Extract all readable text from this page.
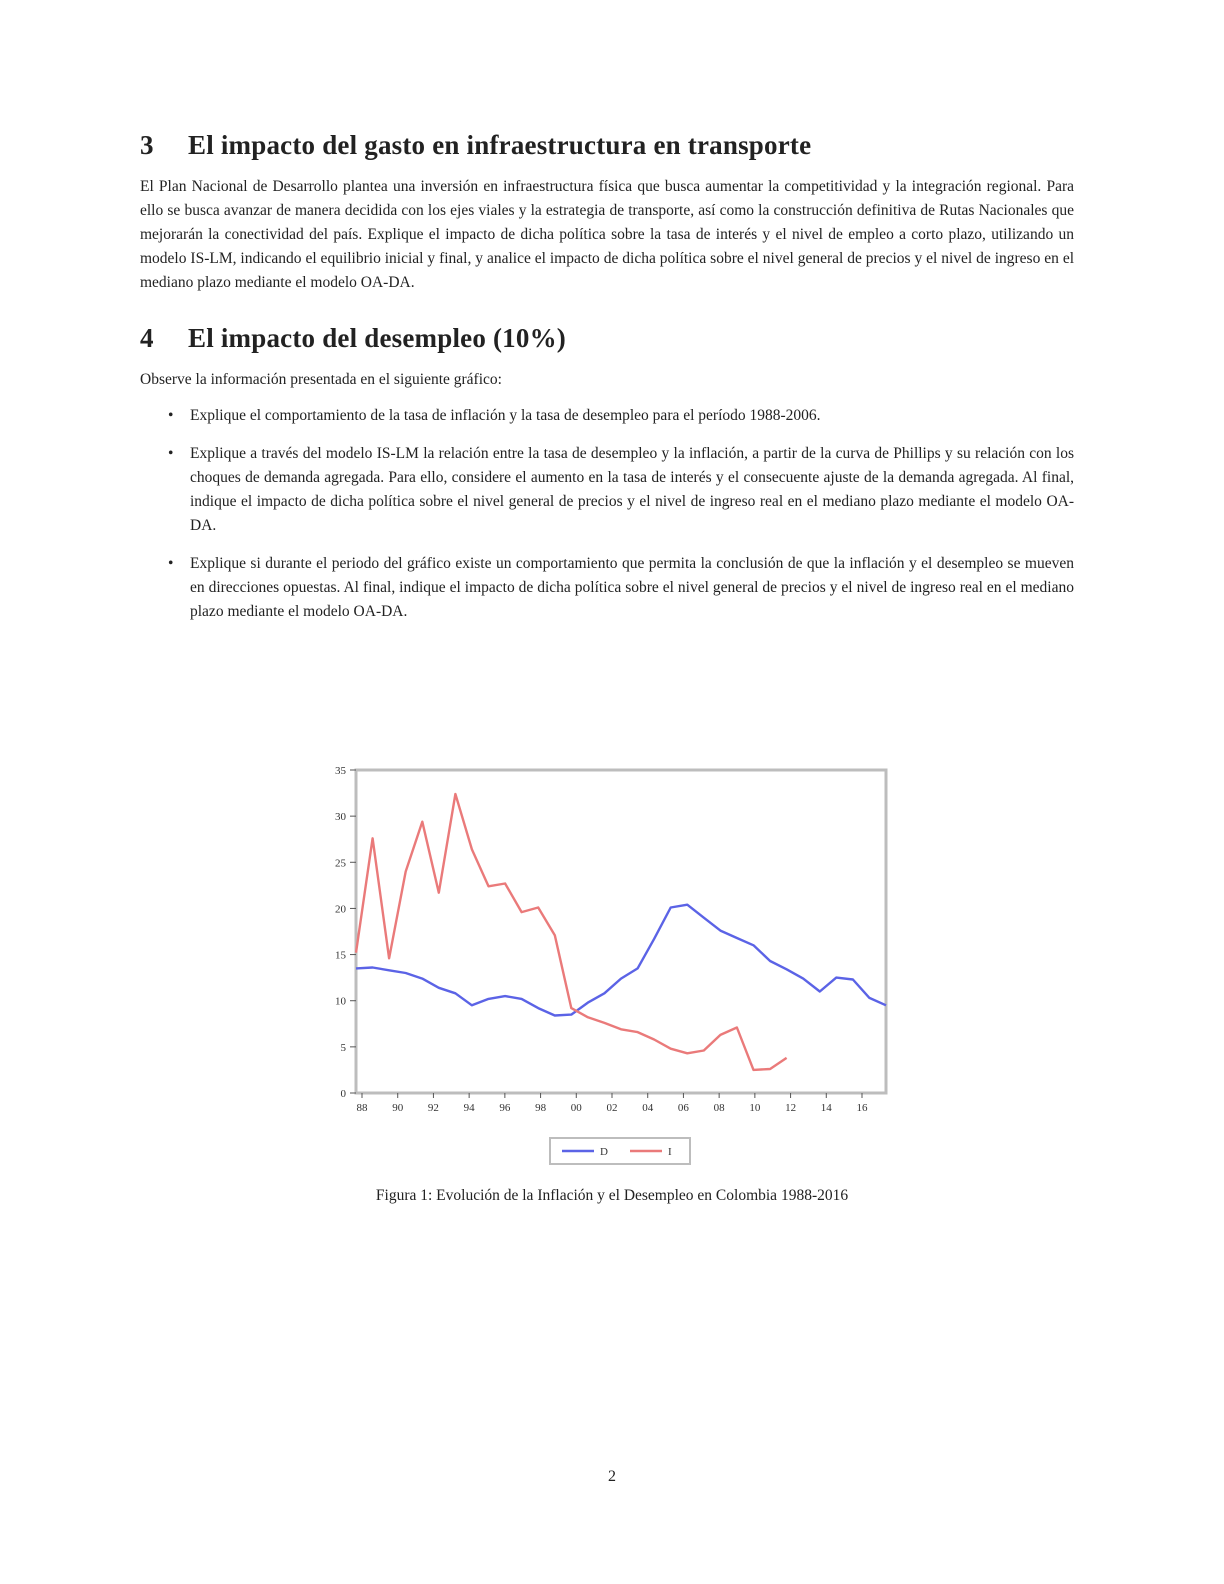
3 El impacto del gasto en infraestructura en transporte

El Plan Nacional de Desarrollo plantea una inversión en infraestructura física que busca aumentar la competitividad y la integración regional. Para ello se busca avanzar de manera decidida con los ejes viales y la estrategia de transporte, así como la construcción definitiva de Rutas Nacionales que mejorarán la conectividad del país. Explique el impacto de dicha política sobre la tasa de interés y el nivel de empleo a corto plazo, utilizando un modelo IS-LM, indicando el equilibrio inicial y final, y analice el impacto de dicha política sobre el nivel general de precios y el nivel de ingreso en el mediano plazo mediante el modelo OA-DA.

4 El impacto del desempleo (10%)

Observe la información presentada en el siguiente gráfico:

• Explique el comportamiento de la tasa de inflación y la tasa de desempleo para el período 1988-2006.
• Explique a través del modelo IS-LM la relación entre la tasa de desempleo y la inflación, a partir de la curva de Phillips y su relación con los choques de demanda agregada. Para ello, considere el aumento en la tasa de interés y el consecuente ajuste de la demanda agregada. Al final, indique el impacto de dicha política sobre el nivel general de precios y el nivel de ingreso real en el mediano plazo mediante el modelo OA-DA.
• Explique si durante el periodo del gráfico existe un comportamiento que permita la conclusión de que la inflación y el desempleo se mueven en direcciones opuestas. Al final, indique el impacto de dicha política sobre el nivel general de precios y el nivel de ingreso real en el mediano plazo mediante el modelo OA-DA.
0
5
10
15
20
25
30
35
88 90 92 94 96 98 00 02 04 06 08 10 12 14 16
D	I
Figura 1: Evolución de la Inflación y el Desempleo en Colombia 1988-2016
2
